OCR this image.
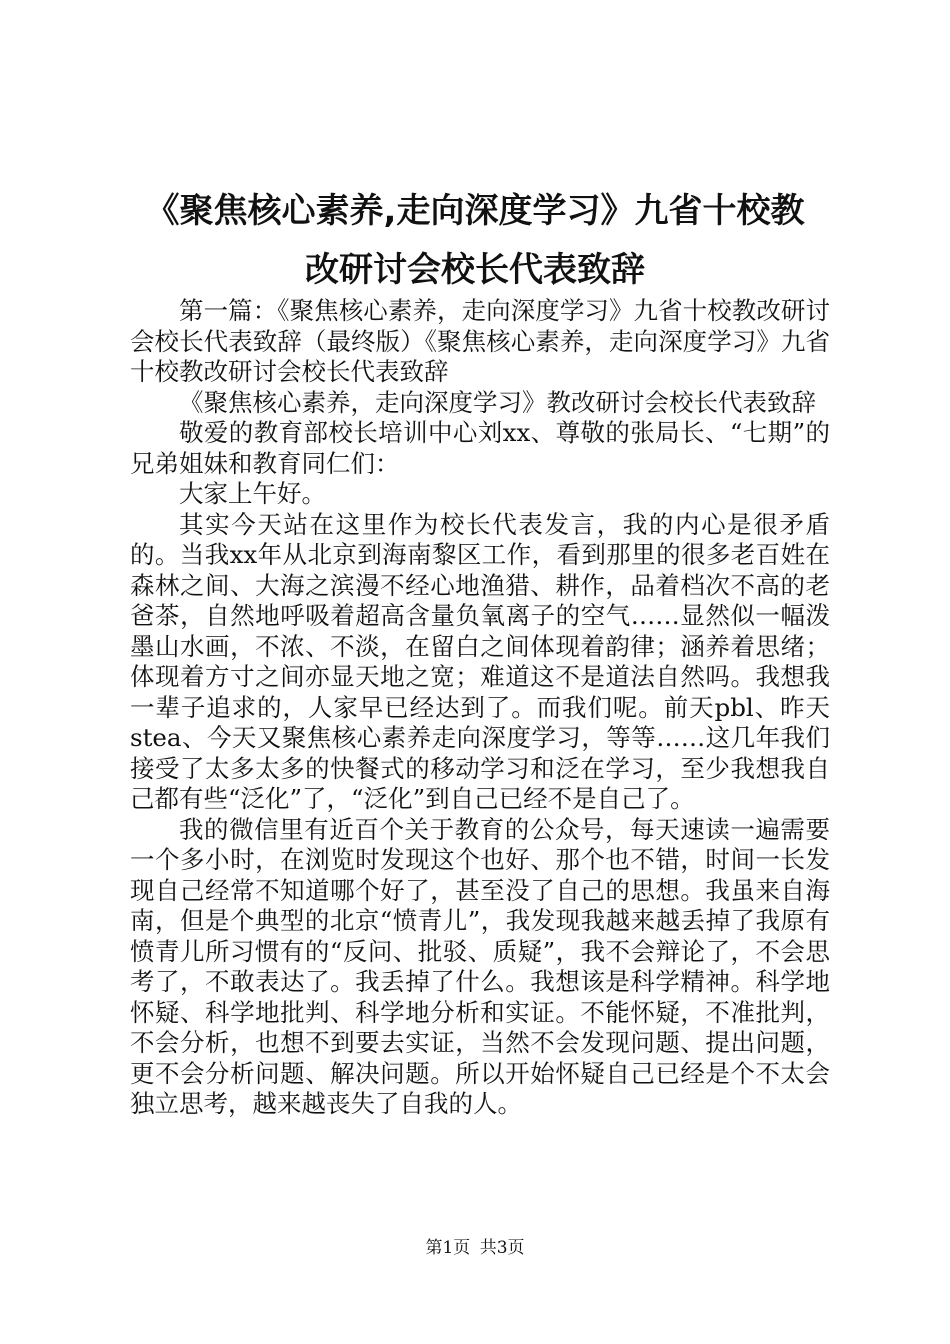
《聚焦核心素养,走向深度学习》九省十校教
改研讨会校长代表致辞

第一篇：《聚焦核心素养，走向深度学习》九省十校教改研讨会校长代表致辞（最终版）《聚焦核心素养，走向深度学习》九省十校教改研讨会校长代表致辞

《聚焦核心素养，走向深度学习》教改研讨会校长代表致辞

敬爱的教育部校长培训中心刘xx、尊敬的张局长、“七期”的兄弟姐妹和教育同仁们：

大家上午好。

其实今天站在这里作为校长代表发言，我的内心是很矛盾的。当我xx年从北京到海南黎区工作，看到那里的很多老百姓在森林之间、大海之滨漫不经心地渔猎、耕作，品着档次不高的老爸茶，自然地呼吸着超高含量负氧离子的空气……显然似一幅泼墨山水画，不浓、不淡，在留白之间体现着韵律；涵养着思绪；体现着方寸之间亦显天地之宽；难道这不是道法自然吗。我想我一辈子追求的，人家早已经达到了。而我们呢。前天pbl、昨天stea、今天又聚焦核心素养走向深度学习，等等……这几年我们接受了太多太多的快餐式的移动学习和泛在学习，至少我想我自己都有些“泛化”了，“泛化”到自己已经不是自己了。

我的微信里有近百个关于教育的公众号，每天速读一遍需要一个多小时，在浏览时发现这个也好、那个也不错，时间一长发现自己经常不知道哪个好了，甚至没了自己的思想。我虽来自海南，但是个典型的北京“愤青儿”，我发现我越来越丢掉了我原有愤青儿所习惯有的“反问、批驳、质疑”，我不会辩论了，不会思考了，不敢表达了。我丢掉了什么。我想该是科学精神。科学地怀疑、科学地批判、科学地分析和实证。不能怀疑，不准批判，不会分析，也想不到要去实证，当然不会发现问题、提出问题，更不会分析问题、解决问题。所以开始怀疑自己已经是个不太会独立思考，越来越丧失了自我的人。

第1页 共3页
